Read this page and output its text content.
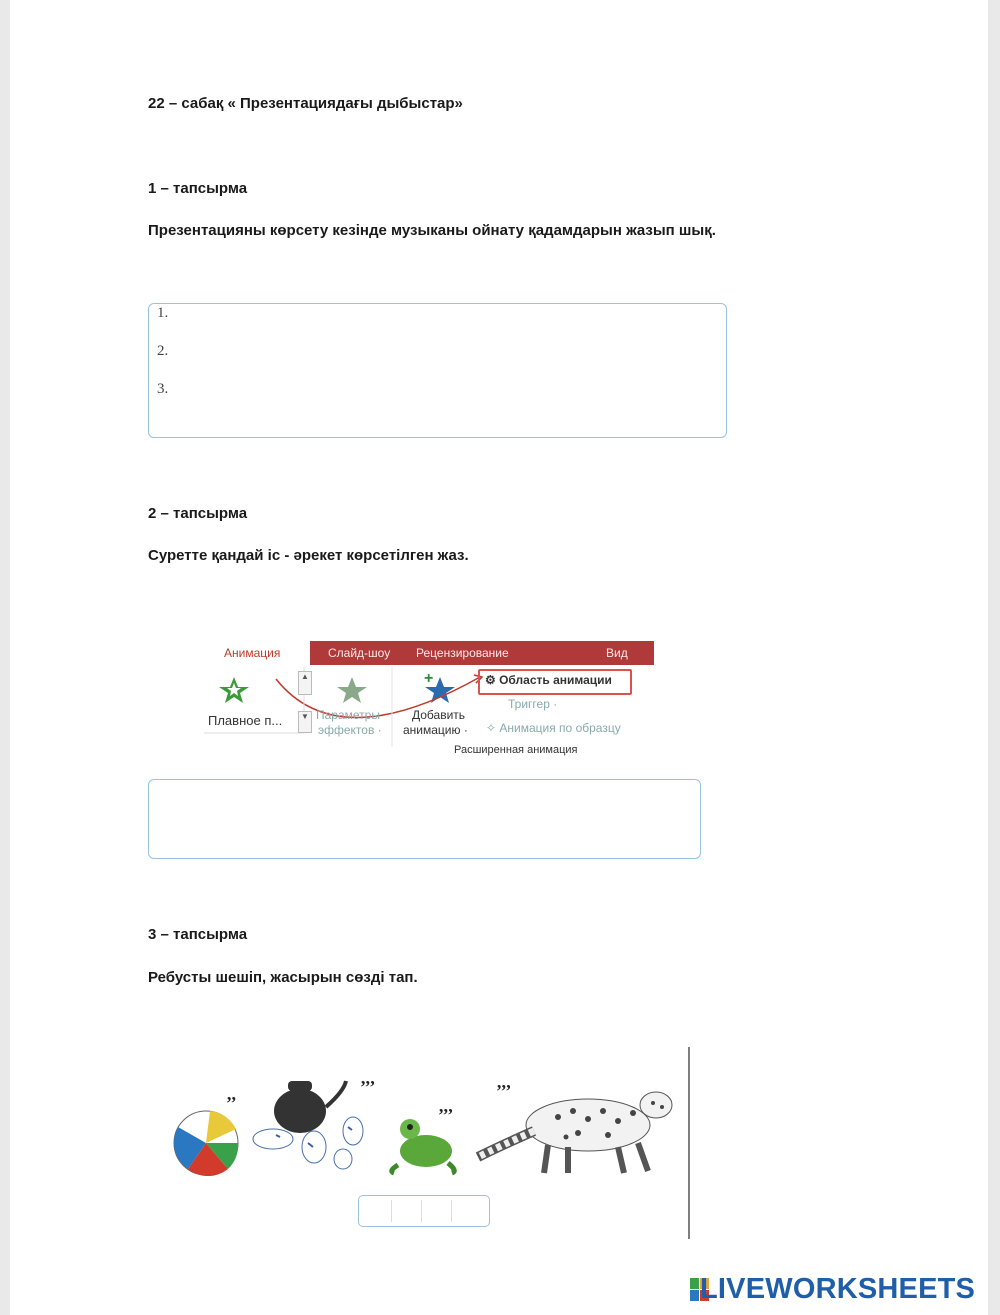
22 – сабақ « Презентациядағы дыбыстар»
1 – тапсырма
Презентацияны көрсету кезінде музыканы ойнату қадамдарын жазып шық.
1.
2.
3.
2 – тапсырма
Суретте қандай іс - әрекет көрсетілген жаз.
Анимация	Слайд-шоу Рецензирование	Вид
+
▲
▼
Плавное п...	Параметры
эффектов ·
Добавить
анимацию ·
⚙ Область анимации
Триггер ·
✧ Анимация по образцу
Расширенная анимация
3 – тапсырма
Ребусты шешіп, жасырын сөзді тап.
’’
’’’
’’’
’’’
LIVEWORKSHEETS
